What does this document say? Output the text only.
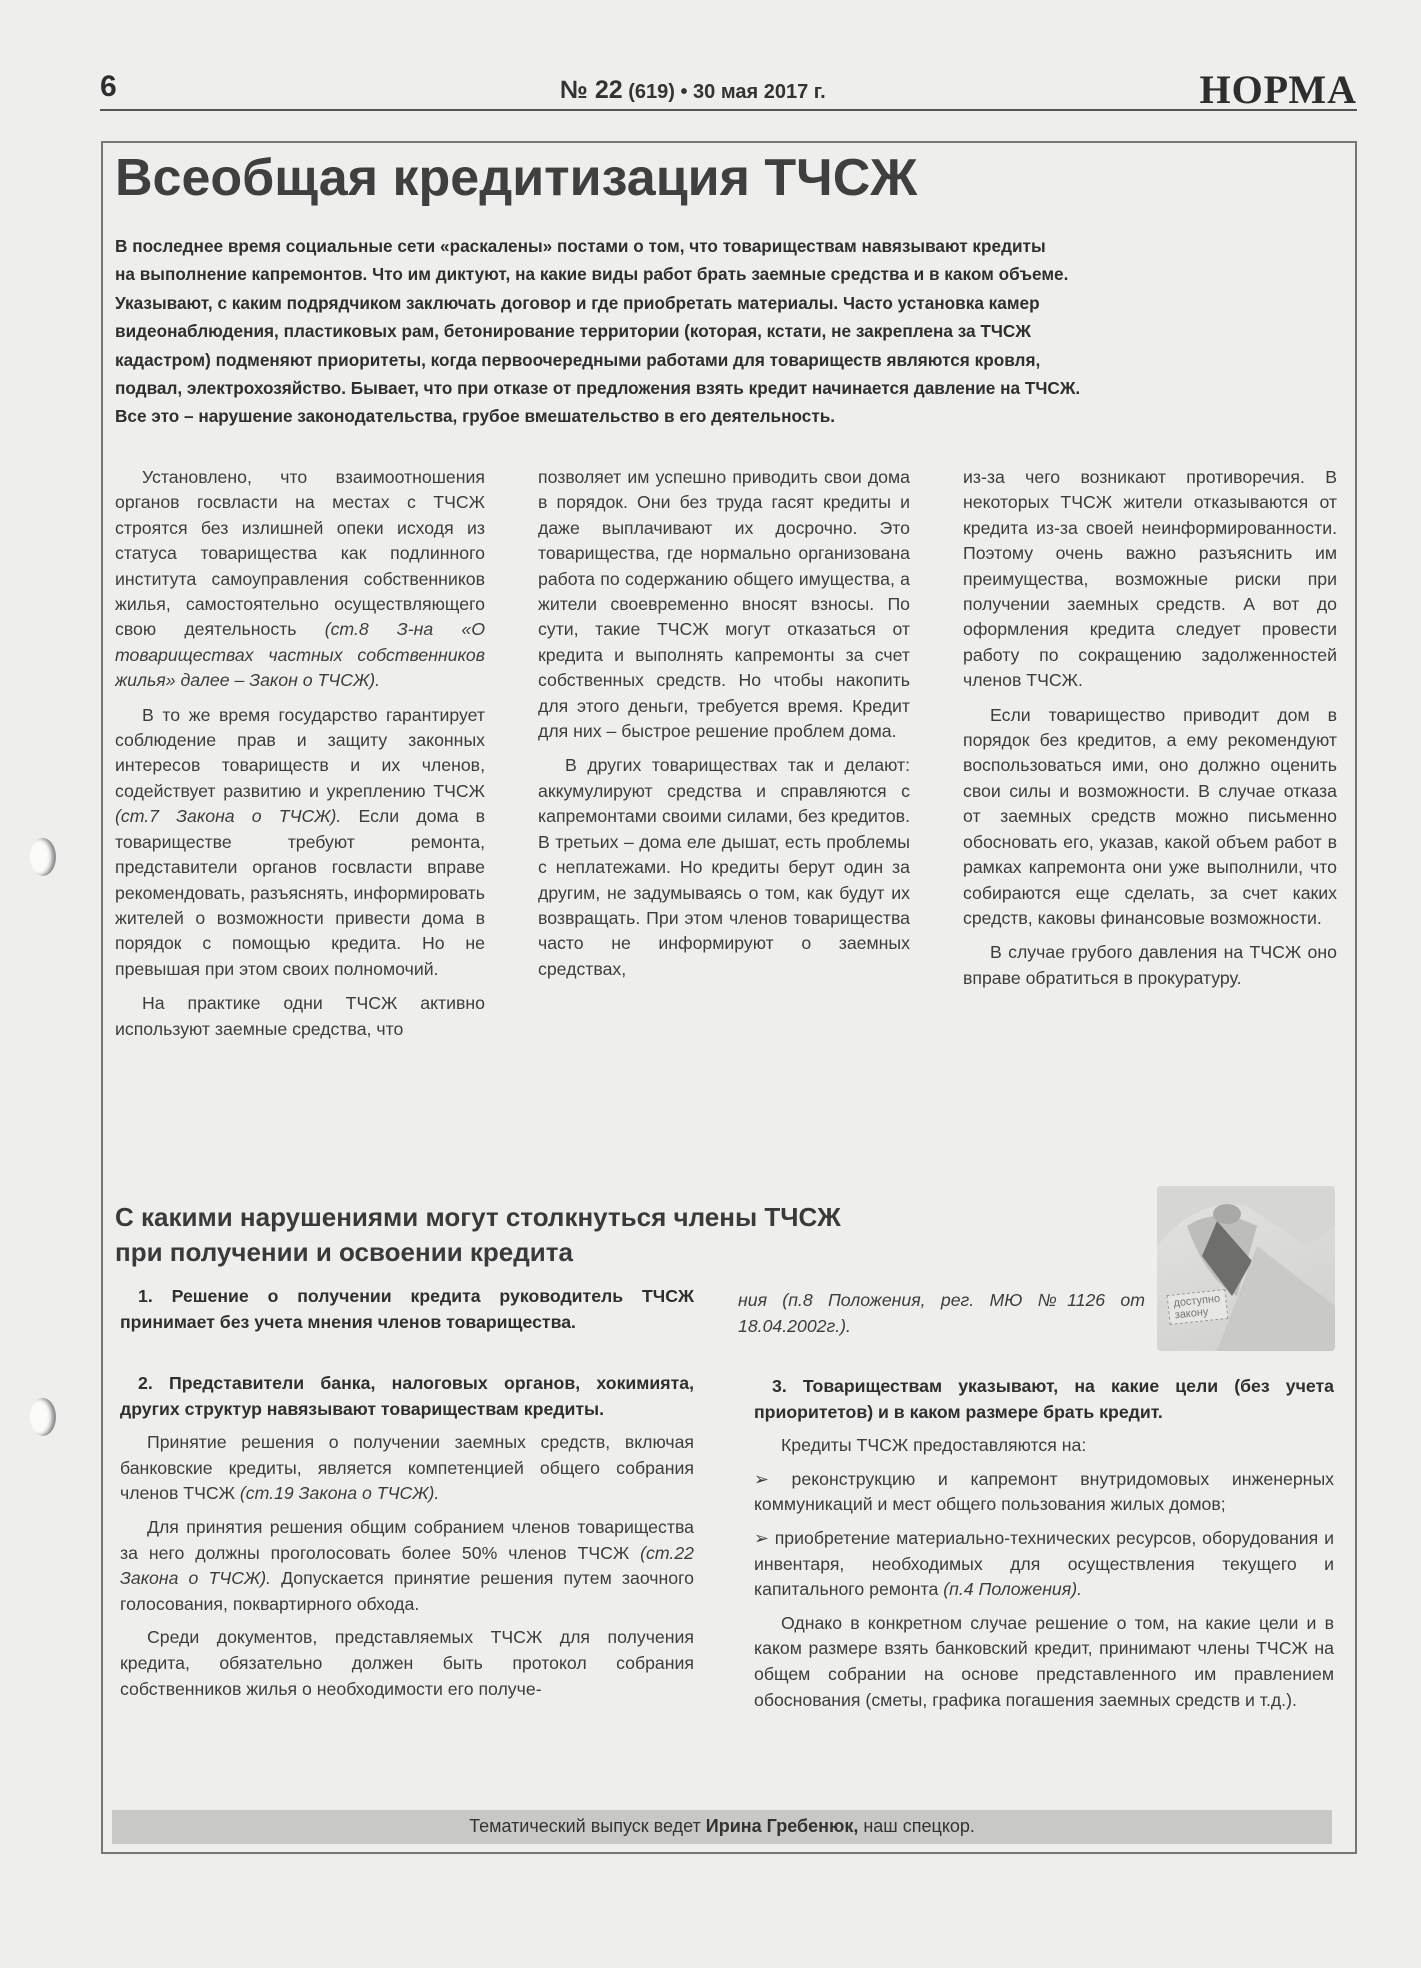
6	№ 22 (619) • 30 мая 2017 г.	НОРМА
Всеобщая кредитизация ТЧСЖ

В последнее время социальные сети «раскалены» постами о том, что товариществам навязывают кредиты

на выполнение капремонтов. Что им диктуют, на какие виды работ брать заемные средства и в каком объеме.

Указывают, с каким подрядчиком заключать договор и где приобретать материалы. Часто установка камер

видеонаблюдения, пластиковых рам, бетонирование территории (которая, кстати, не закреплена за ТЧСЖ

кадастром) подменяют приоритеты, когда первоочередными работами для товариществ являются кровля,

подвал, электрохозяйство. Бывает, что при отказе от предложения взять кредит начинается давление на ТЧСЖ.

Все это – нарушение законодательства, грубое вмешательство в его деятельность.

Установлено, что взаимоотношения органов госвласти на местах с ТЧСЖ строятся без излишней опеки исходя из статуса товарищества как подлинного института самоуправления собственников жилья, самостоятельно осуществляющего свою деятельность (ст.8 З-на «О товариществах частных собственников жилья» далее – Закон о ТЧСЖ).

В то же время государство гарантирует соблюдение прав и защиту законных интересов товариществ и их членов, содействует развитию и укреплению ТЧСЖ (ст.7 Закона о ТЧСЖ). Если дома в товариществе требуют ремонта, представители органов госвласти вправе рекомендовать, разъяснять, информировать жителей о возможности привести дома в порядок с помощью кредита. Но не превышая при этом своих полномочий.

На практике одни ТЧСЖ активно используют заемные средства, что

позволяет им успешно приводить свои дома в порядок. Они без труда гасят кредиты и даже выплачивают их досрочно. Это товарищества, где нормально организована работа по содержанию общего имущества, а жители своевременно вносят взносы. По сути, такие ТЧСЖ могут отказаться от кредита и выполнять капремонты за счет собственных средств. Но чтобы накопить для этого деньги, требуется время. Кредит для них – быстрое решение проблем дома.

В других товариществах так и делают: аккумулируют средства и справляются с капремонтами своими силами, без кредитов. В третьих – дома еле дышат, есть проблемы с неплатежами. Но кредиты берут один за другим, не задумываясь о том, как будут их возвращать. При этом членов товарищества часто не информируют о заемных средствах,

из-за чего возникают противоречия. В некоторых ТЧСЖ жители отказываются от кредита из-за своей неинформированности. Поэтому очень важно разъяснить им преимущества, возможные риски при получении заемных средств. А вот до оформления кредита следует провести работу по сокращению задолженностей членов ТЧСЖ.

Если товарищество приводит дом в порядок без кредитов, а ему рекомендуют воспользоваться ими, оно должно оценить свои силы и возможности. В случае отказа от заемных средств можно письменно обосновать его, указав, какой объем работ в рамках капремонта они уже выполнили, что собираются еще сделать, за счет каких средств, каковы финансовые возможности.

В случае грубого давления на ТЧСЖ оно вправе обратиться в прокуратуру.

С какими нарушениями могут столкнуться члены ТЧСЖ
при получении и освоении кредита
доступно
закону

1. Решение о получении кредита руководитель ТЧСЖ принимает без учета мнения членов товарищества.

ния (п.8 Положения, рег. МЮ №1126 от 18.04.2002г.).

2. Представители банка, налоговых органов, хокимията, других структур навязывают товариществам кредиты.

Принятие решения о получении заемных средств, включая банковские кредиты, является компетенцией общего собрания членов ТЧСЖ (ст.19 Закона о ТЧСЖ).

Для принятия решения общим собранием членов товарищества за него должны проголосовать более 50% членов ТЧСЖ (ст.22 Закона о ТЧСЖ). Допускается принятие решения путем заочного голосования, поквартирного обхода.

Среди документов, представляемых ТЧСЖ для получения кредита, обязательно должен быть протокол собрания собственников жилья о необходимости его получе-

3. Товариществам указывают, на какие цели (без учета приоритетов) и в каком размере брать кредит.

Кредиты ТЧСЖ предоставляются на:

➢ реконструкцию и капремонт внутридомовых инженерных коммуникаций и мест общего пользования жилых домов;

➢ приобретение материально-технических ресурсов, оборудования и инвентаря, необходимых для осуществления текущего и капитального ремонта (п.4 Положения).

Однако в конкретном случае решение о том, на какие цели и в каком размере взять банковский кредит, принимают члены ТЧСЖ на общем собрании на основе представленного им правлением обоснования (сметы, графика погашения заемных средств и т.д.).

Тематический выпуск ведет Ирина Гребенюк, наш спецкор.
